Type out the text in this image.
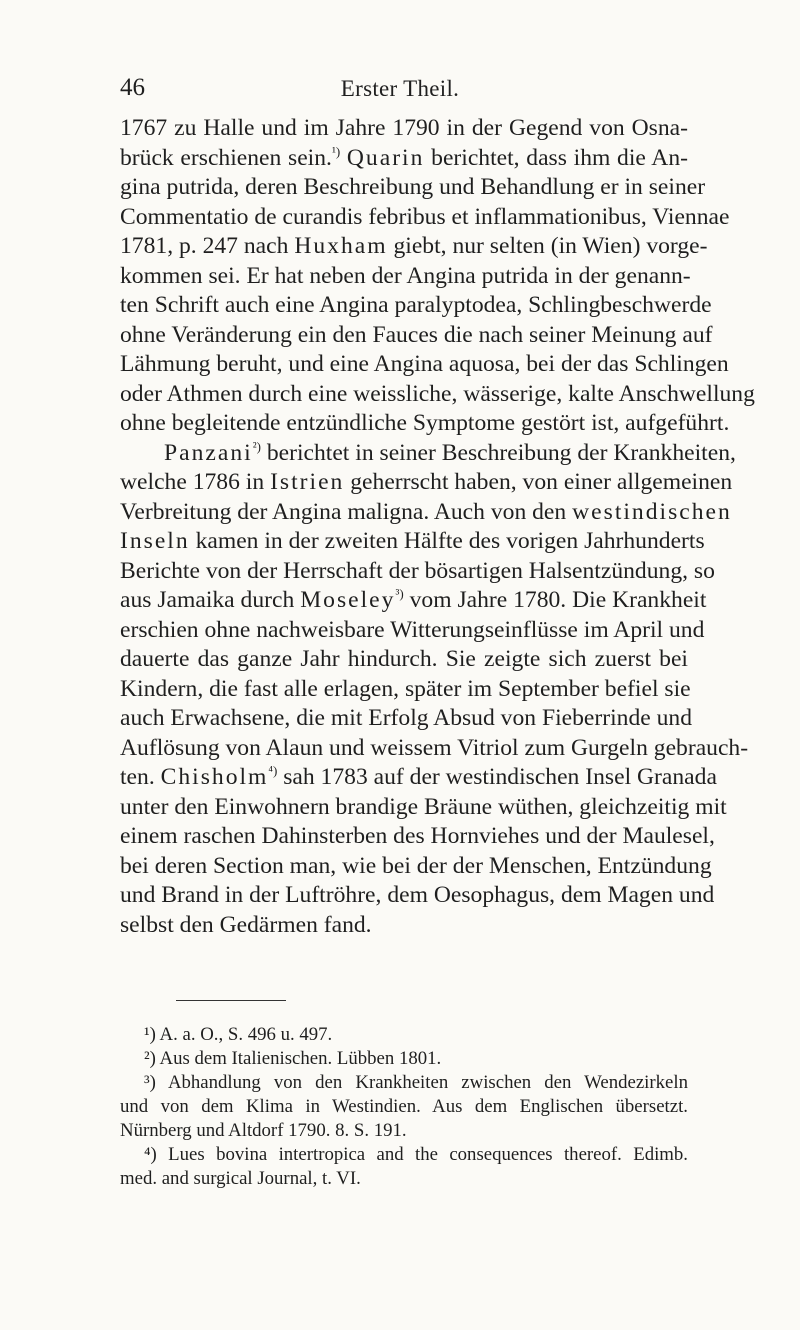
46	Erster Theil.
1767 zu Halle und im Jahre 1790 in der Gegend von Osna-
brück erschienen sein.$^{^1)}$ Quarin berichtet, dass ihm die An-
gina putrida, deren Beschreibung und Behandlung er in seiner
Commentatio de curandis febribus et inflammationibus, Viennae
1781, p. 247 nach Huxham giebt, nur selten (in Wien) vorge-
kommen sei. Er hat neben der Angina putrida in der genann-
ten Schrift auch eine Angina paralyptodea, Schlingbeschwerde
ohne Veränderung ein den Fauces die nach seiner Meinung auf
Lähmung beruht, und eine Angina aquosa, bei der das Schlingen
oder Athmen durch eine weissliche, wässerige, kalte Anschwellung
ohne begleitende entzündliche Symptome gestört ist, aufgeführt.
Panzani$^{^2)}$ berichtet in seiner Beschreibung der Krankheiten,
welche 1786 in Istrien geherrscht haben, von einer allgemeinen
Verbreitung der Angina maligna. Auch von den westindischen
Inseln kamen in der zweiten Hälfte des vorigen Jahrhunderts
Berichte von der Herrschaft der bösartigen Halsentzündung, so
aus Jamaika durch Moseley$^{^3)}$ vom Jahre 1780. Die Krankheit
erschien ohne nachweisbare Witterungseinflüsse im April und
dauerte das ganze Jahr hindurch. Sie zeigte sich zuerst bei
Kindern, die fast alle erlagen, später im September befiel sie
auch Erwachsene, die mit Erfolg Absud von Fieberrinde und
Auflösung von Alaun und weissem Vitriol zum Gurgeln gebrauch-
ten. Chisholm$^{^4)}$ sah 1783 auf der westindischen Insel Granada
unter den Einwohnern brandige Bräune wüthen, gleichzeitig mit
einem raschen Dahinsterben des Hornviehes und der Maulesel,
bei deren Section man, wie bei der der Menschen, Entzündung
und Brand in der Luftröhre, dem Oesophagus, dem Magen und
selbst den Gedärmen fand.
¹) A. a. O., S. 496 u. 497.
²) Aus dem Italienischen. Lübben 1801.
³) Abhandlung von den Krankheiten zwischen den Wendezirkeln
und von dem Klima in Westindien. Aus dem Englischen übersetzt.
Nürnberg und Altdorf 1790. 8. S. 191.
⁴) Lues bovina intertropica and the consequences thereof. Edimb.
med. and surgical Journal, t. VI.
